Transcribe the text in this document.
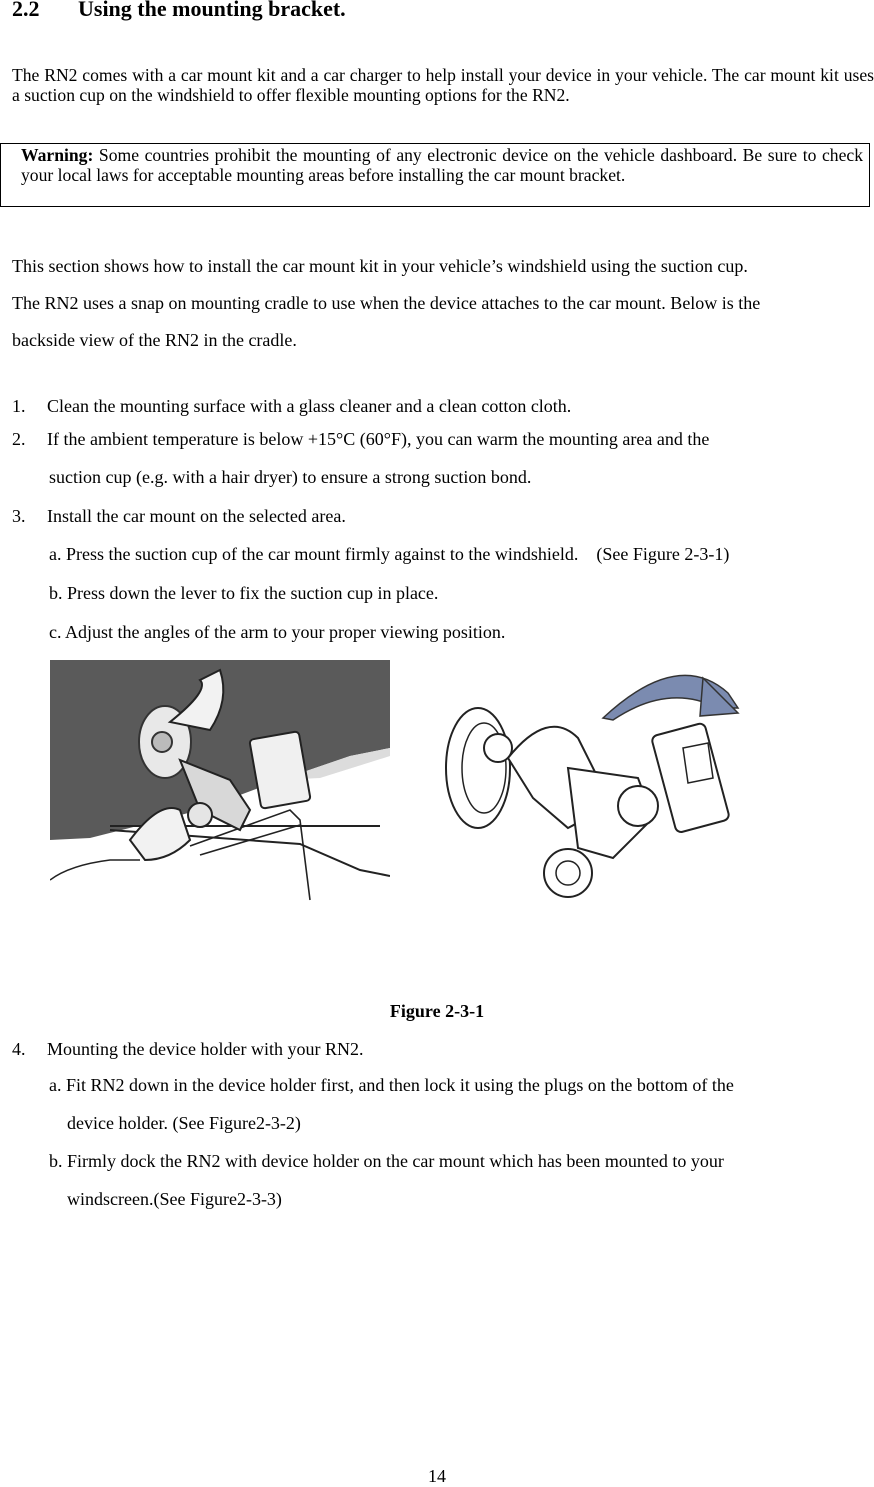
2.2 Using the mounting bracket.
The RN2 comes with a car mount kit and a car charger to help install your device in your vehicle. The car mount kit uses a suction cup on the windshield to offer flexible mounting options for the RN2.
Warning: Some countries prohibit the mounting of any electronic device on the vehicle dashboard. Be sure to check your local laws for acceptable mounting areas before installing the car mount bracket.
This section shows how to install the car mount kit in your vehicle’s windshield using the suction cup.
The RN2 uses a snap on mounting cradle to use when the device attaches to the car mount. Below is the
backside view of the RN2 in the cradle.
1. Clean the mounting surface with a glass cleaner and a clean cotton cloth.
2. If the ambient temperature is below +15°C (60°F), you can warm the mounting area and the
suction cup (e.g. with a hair dryer) to ensure a strong suction bond.
3. Install the car mount on the selected area.
a. Press the suction cup of the car mount firmly against to the windshield.    (See Figure 2-3-1)
b. Press down the lever to fix the suction cup in place.
c. Adjust the angles of the arm to your proper viewing position.
Figure 2-3-1
4. Mounting the device holder with your RN2.
a. Fit RN2 down in the device holder first, and then lock it using the plugs on the bottom of the
device holder. (See Figure2-3-2)
b. Firmly dock the RN2 with device holder on the car mount which has been mounted to your
windscreen.(See Figure2-3-3)
14
